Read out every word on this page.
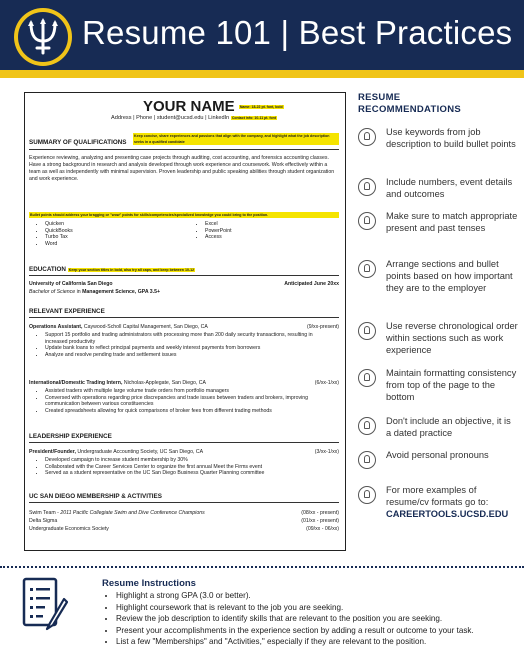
Resume 101 | Best Practices
YOUR NAME Name: 18-22 pt. font, bold
Address | Phone | student@ucsd.edu | LinkedIn Contact info: 10-11 pt. font
SUMMARY OF QUALIFICATIONS
Keep concise, share experiences and passions that align with the company, and highlight what the job description seeks in a qualified candidate
Experience reviewing, analyzing and presenting case projects through auditing, cost accounting, and forensics accounting classes. Have a strong background in research and analysis developed through work experience and coursework. Work effectively within a team as well as independently with minimal supervision. Proven leadership and public speaking abilities through student organization and work experience.
Bullet points should address your bragging or "wow" points for skills/competencies/specialized knowledge you could bring to the position.
• Quicken
• QuickBooks
• Turbo Tax
• Word
• Excel
• PowerPoint
• Access
EDUCATION Keep your section titles in bold, also try all caps, and keep between 10-12
University of California San Diego	Anticipated June 20xx
Bachelor of Science in Management Science, GPA 3.5+
RELEVANT EXPERIENCE
Operations Assistant, Caywood-Scholl Capital Management, San Diego, CA	(9/xx-present)
• Support 15 portfolio and trading administrators with processing more than 200 daily security transactions, resulting in increased productivity
• Update bank loans to reflect principal payments and weekly interest payments from borrowers
• Analyze and resolve pending trade and settlement issues
International/Domestic Trading Intern, Nicholas-Applegate, San Diego, CA	(6/xx-1/xx)
• Assisted traders with multiple large volume trade orders from portfolio managers
• Conversed with operations regarding price discrepancies and trade issues between traders and brokers, improving communication between various constituencies
• Created spreadsheets allowing for quick comparisons of broker fees from different trading methods
LEADERSHIP EXPERIENCE
President/Founder, Undergraduate Accounting Society, UC San Diego, CA	(3/xx-1/xx)
• Developed campaign to increase student membership by 30%
• Collaborated with the Career Services Center to organize the first annual Meet the Firms event
• Served as a student representative on the UC San Diego Business Quarter Planning committee
UC SAN DIEGO MEMBERSHIP & ACTIVITIES
Swim Team - 2011 Pacific Collegiate Swim and Dive Conference Champions	(08/xx - present)
Delta Sigma	(01/xx - present)
Undergraduate Economics Society	(09/xx - 06/xx)
RESUME
RECOMMENDATIONS
Use keywords from job description to build bullet points
Include numbers, event details and outcomes
Make sure to match appropriate present and past tenses
Arrange sections and bullet points based on how important they are to the employer
Use reverse chronological order within sections such as work experience
Maintain formatting consistency from top of the page to the bottom
Don't include an objective, it is a dated practice
Avoid personal pronouns
For more examples of resume/cv formats go to:
CAREERTOOLS.UCSD.EDU
Resume Instructions
• Highlight a strong GPA (3.0 or better).
• Highlight coursework that is relevant to the job you are seeking.
• Review the job description to identify skills that are relevant to the position you are seeking.
• Present your accomplishments in the experience section by adding a result or outcome to your task.
• List a few "Memberships" and "Activities," especially if they are relevant to the position.
